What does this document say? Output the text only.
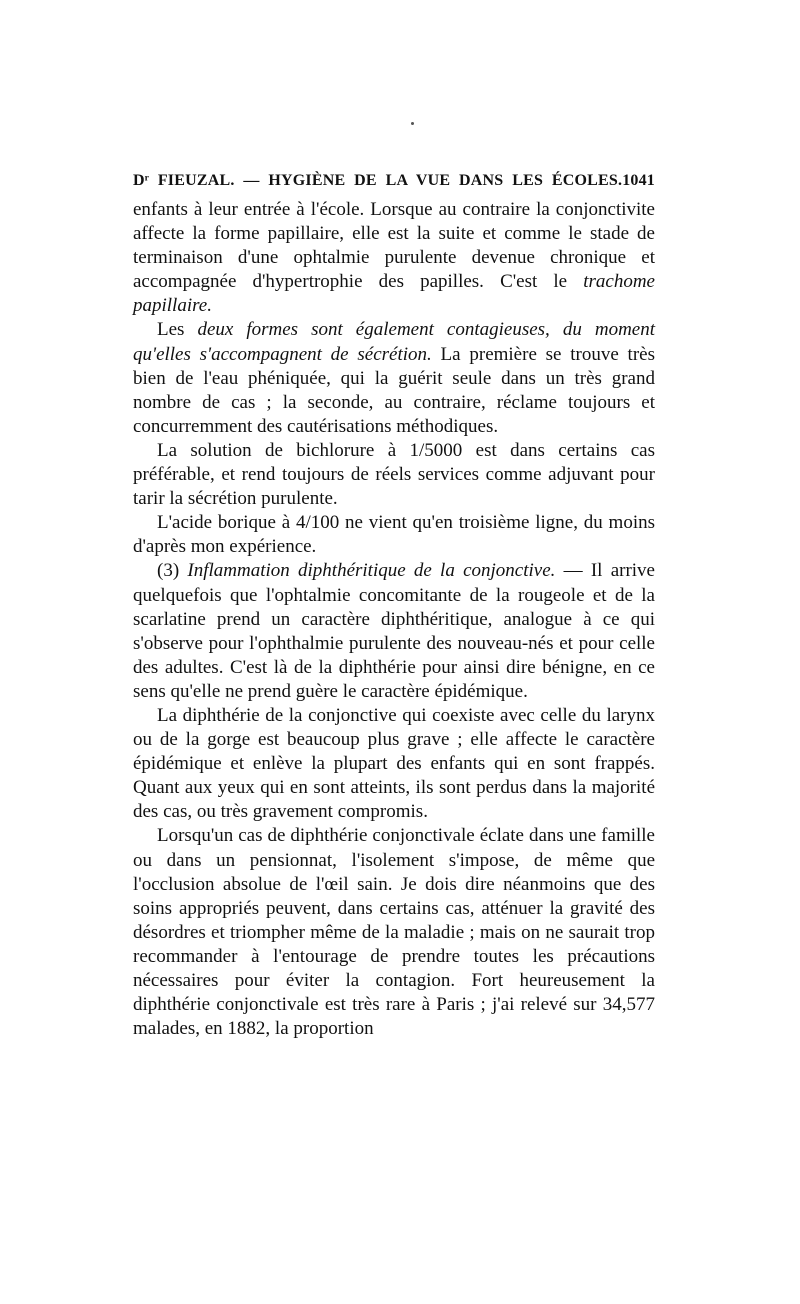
Dʳ FIEUZAL. — HYGIÈNE DE LA VUE DANS LES ÉCOLES. 1041

enfants à leur entrée à l'école. Lorsque au contraire la conjonctivite affecte la forme papillaire, elle est la suite et comme le stade de terminaison d'une ophtalmie purulente devenue chronique et accompagnée d'hypertrophie des papilles. C'est le trachome papillaire.

Les deux formes sont également contagieuses, du moment qu'elles s'accompagnent de sécrétion. La première se trouve très bien de l'eau phéniquée, qui la guérit seule dans un très grand nombre de cas ; la seconde, au contraire, réclame toujours et concurremment des cautérisations méthodiques.

La solution de bichlorure à 1/5000 est dans certains cas préférable, et rend toujours de réels services comme adjuvant pour tarir la sécrétion purulente.

L'acide borique à 4/100 ne vient qu'en troisième ligne, du moins d'après mon expérience.

(3) Inflammation diphthéritique de la conjonctive. — Il arrive quelquefois que l'ophtalmie concomitante de la rougeole et de la scarlatine prend un caractère diphthéritique, analogue à ce qui s'observe pour l'ophthalmie purulente des nouveau-nés et pour celle des adultes. C'est là de la diphthérie pour ainsi dire bénigne, en ce sens qu'elle ne prend guère le caractère épidémique.

La diphthérie de la conjonctive qui coexiste avec celle du larynx ou de la gorge est beaucoup plus grave ; elle affecte le caractère épidémique et enlève la plupart des enfants qui en sont frappés. Quant aux yeux qui en sont atteints, ils sont perdus dans la majorité des cas, ou très gravement compromis.

Lorsqu'un cas de diphthérie conjonctivale éclate dans une famille ou dans un pensionnat, l'isolement s'impose, de même que l'occlusion absolue de l'œil sain. Je dois dire néanmoins que des soins appropriés peuvent, dans certains cas, atténuer la gravité des désordres et triompher même de la maladie ; mais on ne saurait trop recommander à l'entourage de prendre toutes les précautions nécessaires pour éviter la contagion. Fort heureusement la diphthérie conjonctivale est très rare à Paris ; j'ai relevé sur 34,577 malades, en 1882, la proportion
